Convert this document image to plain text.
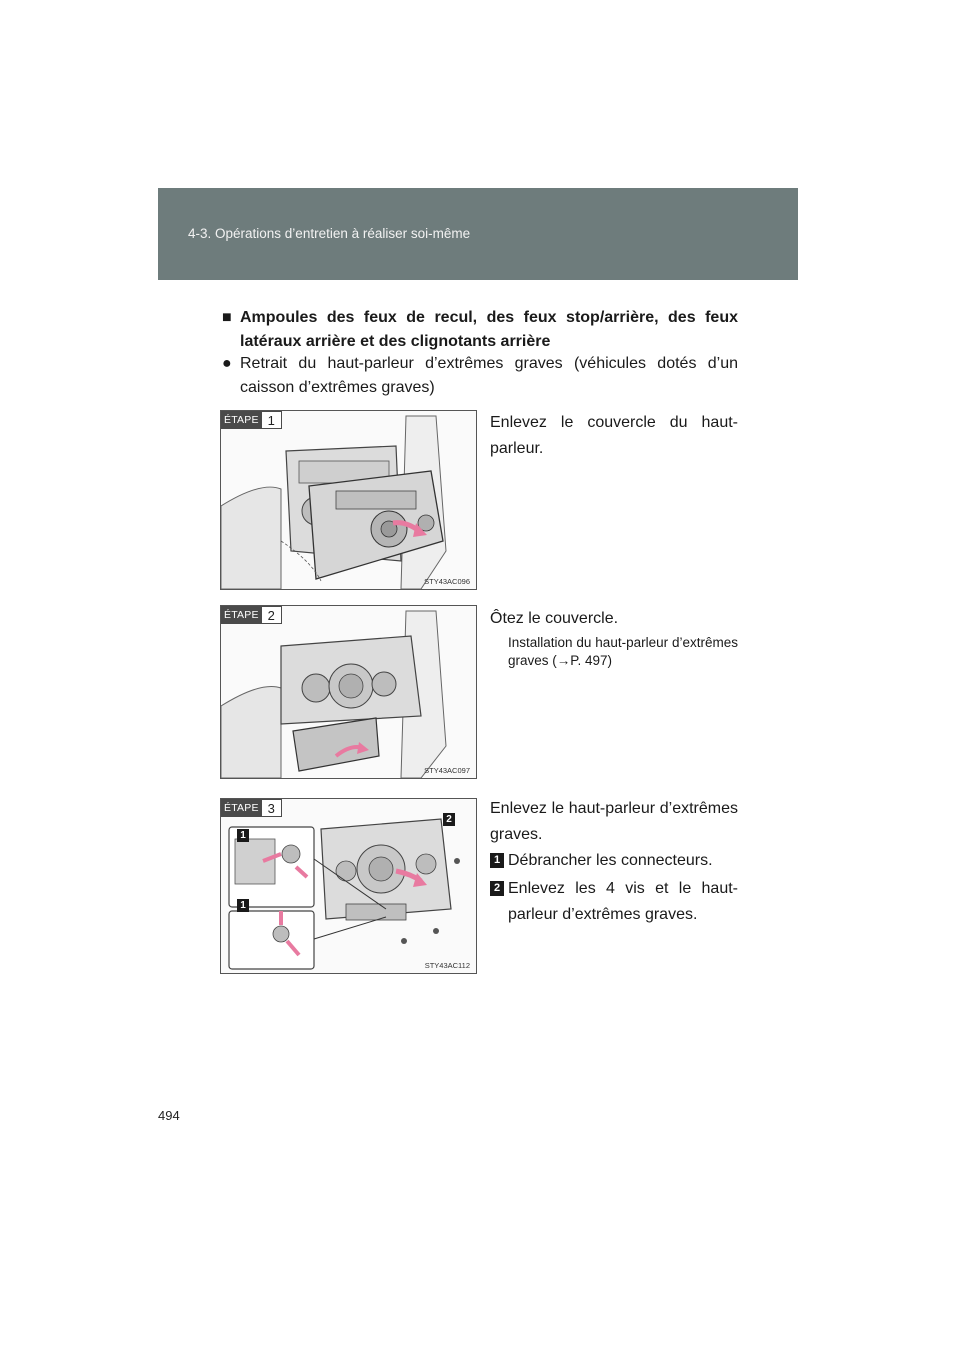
4-3. Opérations d’entretien à réaliser soi-même
■ Ampoules des feux de recul, des feux stop/arrière, des feux latéraux arrière et des clignotants arrière
● Retrait du haut-parleur d’extrêmes graves (véhicules dotés d’un caisson d’extrêmes graves)
ÉTAPE 1
STY43AC096
Enlevez le couvercle du haut-parleur.
ÉTAPE 2
STY43AC097
Ôtez le couvercle.
Installation du haut-parleur d’extrêmes graves (→P. 497)
1
1
2
ÉTAPE 3
STY43AC112
Enlevez le haut-parleur d’extrêmes graves.
1 Débrancher les connecteurs.
2 Enlevez les 4 vis et le haut-parleur d’extrêmes graves.
494
